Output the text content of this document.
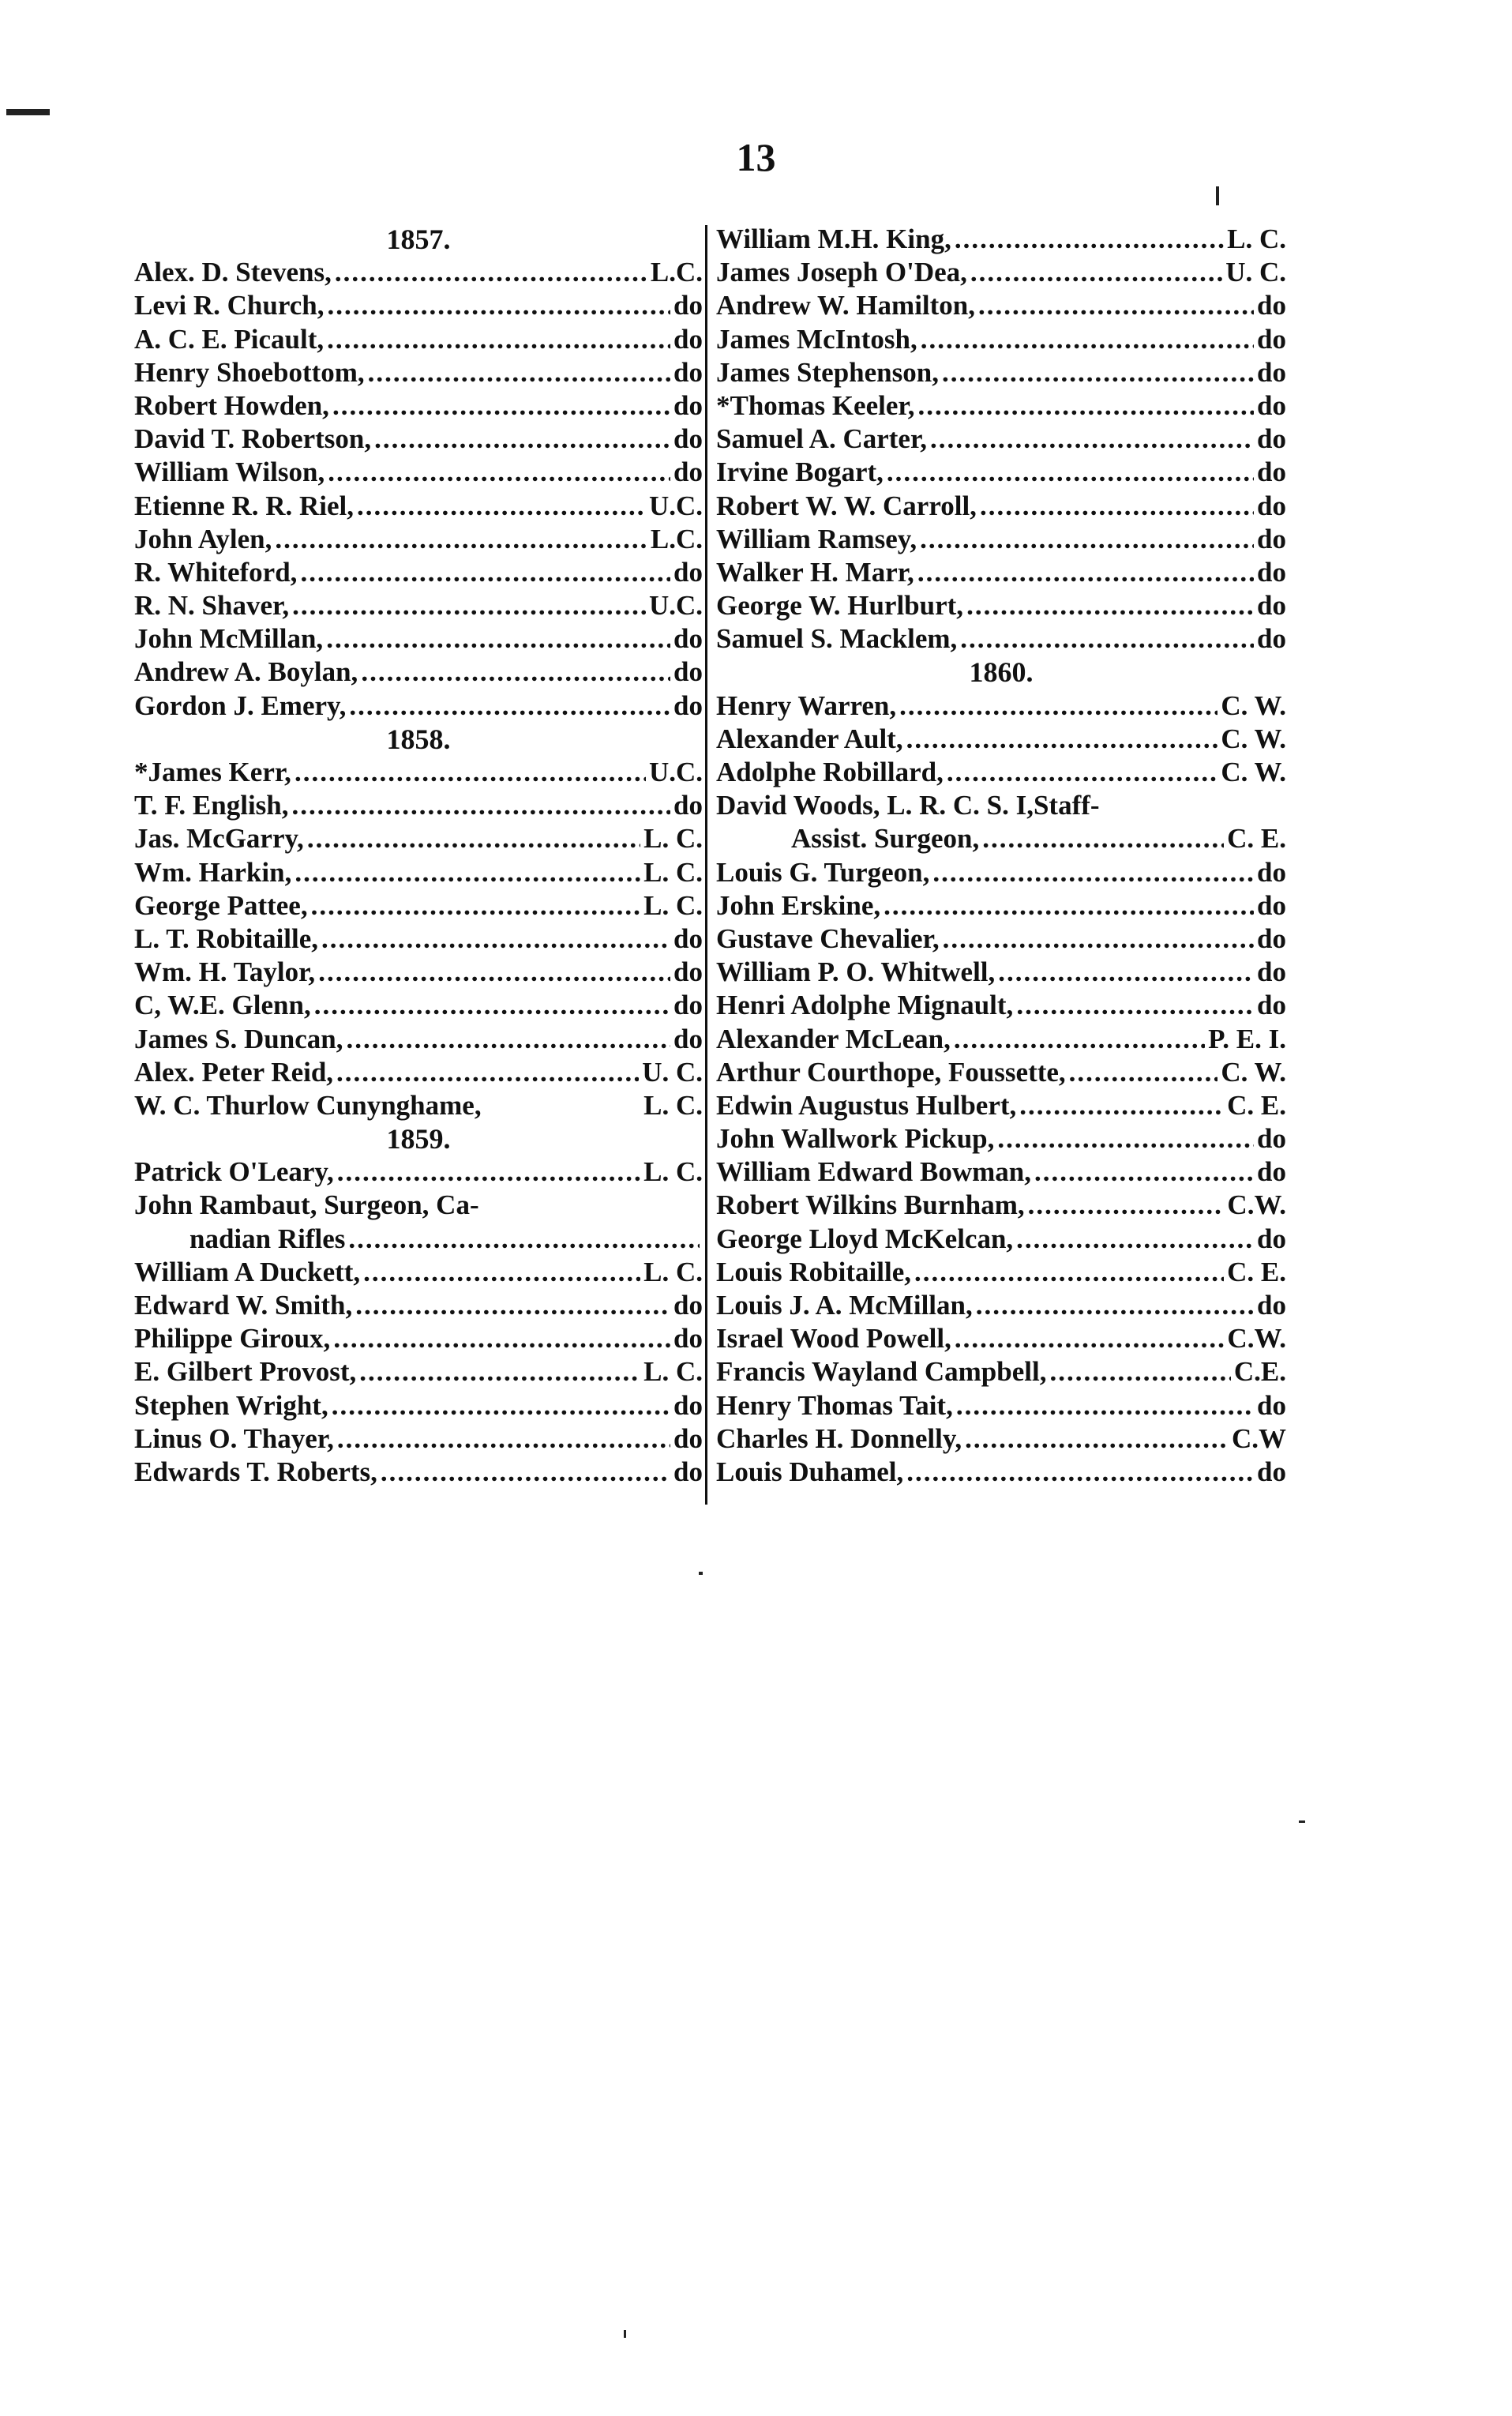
13
1857.
Alex. D. Stevens, .....	L.C.
Levi R. Church, .....	do
A. C. E. Picault, .....	do
Henry Shoebottom, .....	do
Robert Howden, .....	do
David T. Robertson, .....	do
William Wilson, .....	do
Etienne R. R. Riel, .....	U.C.
John Aylen, .....	L.C.
R. Whiteford, .....	do
R. N. Shaver, .....	U.C.
John McMillan, .....	do
Andrew A. Boylan, .....	do
Gordon J. Emery, .....	do
1858.
*James Kerr, .....	U.C.
T. F. English, .....	do
Jas. McGarry, .....	L. C.
Wm. Harkin, .....	L. C.
George Pattee, .....	L. C.
L. T. Robitaille, .....	do
Wm. H. Taylor, .....	do
C, W.E. Glenn, .....	do
James S. Duncan, .....	do
Alex. Peter Reid, .....	U. C.
W. C. Thurlow Cunynghame,	L. C.
1859.
Patrick O'Leary, .....	L. C.
John Rambaut, Surgeon, Ca-
nadian Rifles
.....
William A Duckett, .....	L. C.
Edward W. Smith, .....	do
Philippe Giroux, .....	do
E. Gilbert Provost, .....	L. C.
Stephen Wright, .....	do
Linus O. Thayer, .....	do
Edwards T. Roberts, .....	do
William M.H. King, .....	L. C.
James Joseph O'Dea, .....	U. C.
Andrew W. Hamilton, .....	do
James McIntosh, .....	do
James Stephenson, .....	do
*Thomas Keeler, .....	do
Samuel A. Carter, .....	do
Irvine Bogart, .....	do
Robert W. W. Carroll, .....	do
William Ramsey, .....	do
Walker H. Marr, .....	do
George W. Hurlburt, .....	do
Samuel S. Macklem, .....	do
1860.
Henry Warren, .....	C. W.
Alexander Ault, .....	C. W.
Adolphe Robillard, .....	C. W.
David Woods, L. R. C. S. I,Staff-
Assist. Surgeon, .....	C. E.
Louis G. Turgeon, .....	do
John Erskine, .....	do
Gustave Chevalier, .....	do
William P. O. Whitwell, .....	do
Henri Adolphe Mignault, .....	do
Alexander McLean, .....	P. E. I.
Arthur Courthope, Foussette, .....	C. W.
Edwin Augustus Hulbert, .....	C. E.
John Wallwork Pickup, .....	do
William Edward Bowman, .....	do
Robert Wilkins Burnham, .....	C.W.
George Lloyd McKelcan, .....	do
Louis Robitaille, .....	C. E.
Louis J. A. McMillan, .....	do
Israel Wood Powell, .....	C.W.
Francis Wayland Campbell, .....	C.E.
Henry Thomas Tait, .....	do
Charles H. Donnelly, .....	C.W
Louis Duhamel, .....	do
